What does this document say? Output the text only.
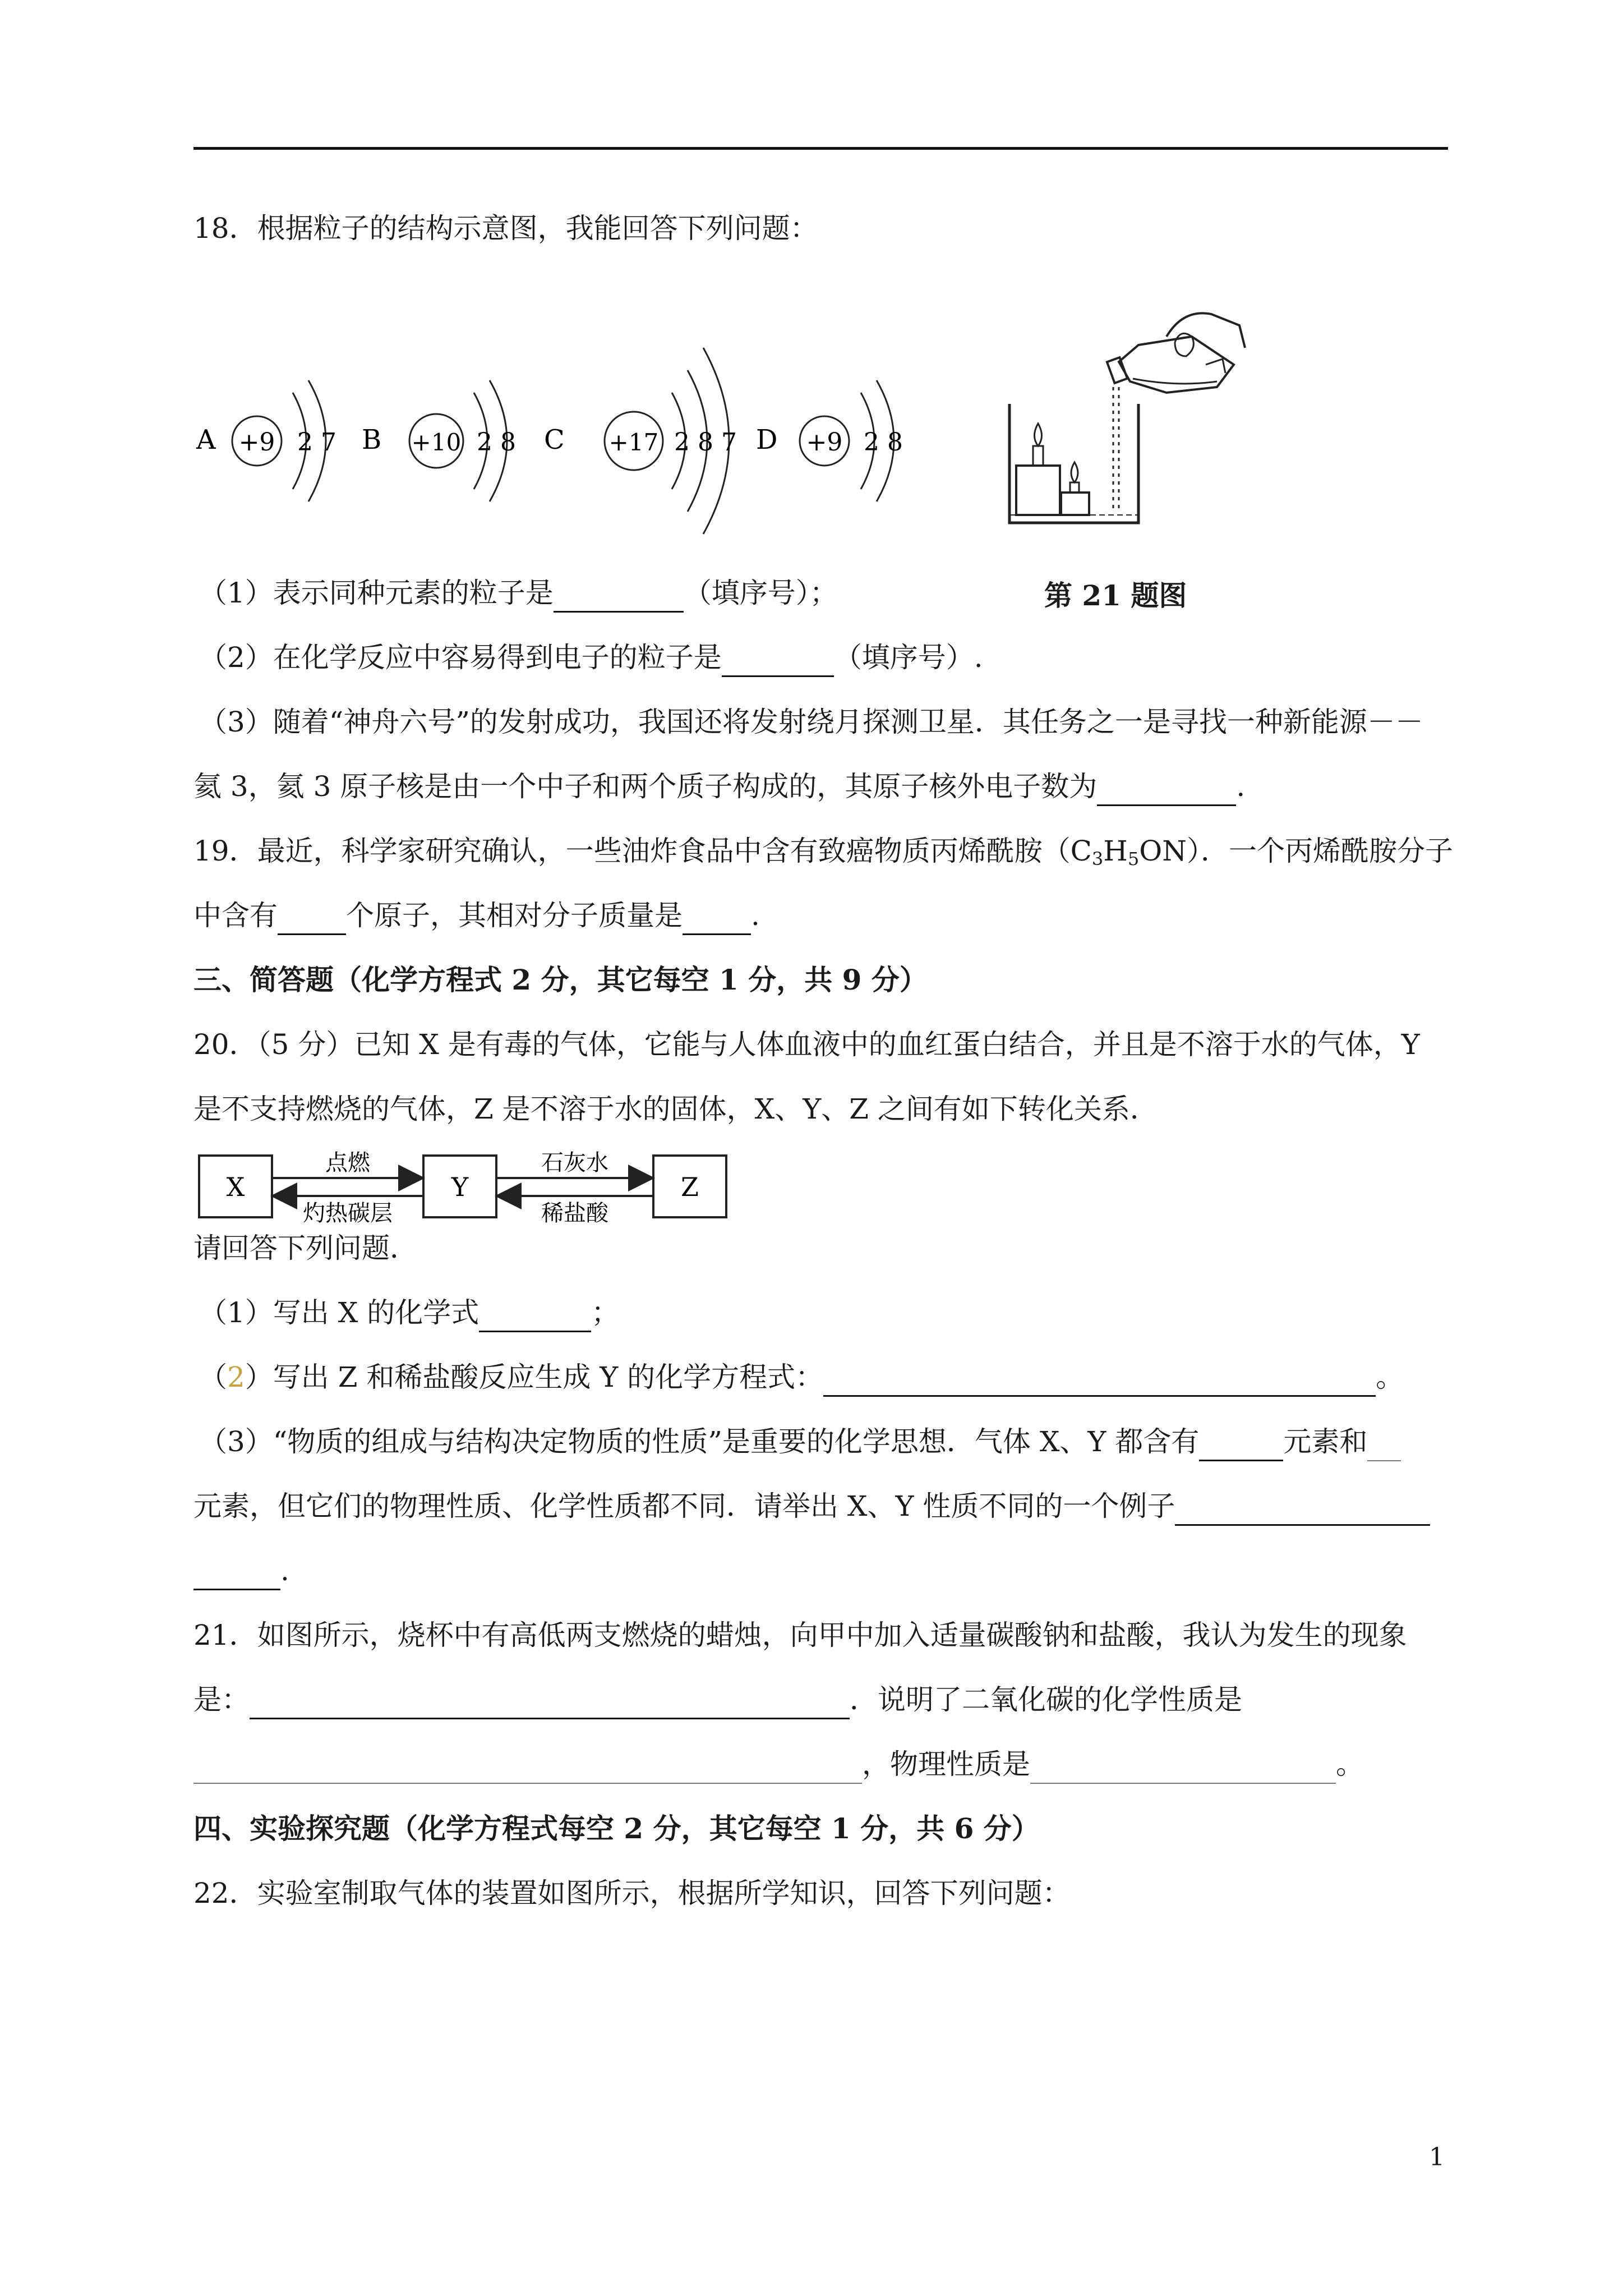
18．根据粒子的结构示意图，我能回答下列问题：
A +9 2 7 B +10 2 8 C +17 2 8 7 D +9 2 8
（1）表示同种元素的粒子是	（填序号）；	第 21 题图
（2）在化学反应中容易得到电子的粒子是	（填序号）.
（3）随着“神舟六号”的发射成功，我国还将发射绕月探测卫星．其任务之一是寻找一种新能源－－
氦 3，氦 3 原子核是由一个中子和两个质子构成的，其原子核外电子数为	.
19．最近，科学家研究确认，一些油炸食品中含有致癌物质丙烯酰胺$(C_3H_5ON)$．一个丙烯酰胺分子
中含有 个原子，其相对分子质量是 .
三、简答题（化学方程式 2 分，其它每空 1 分，共 9 分）
20．（5 分）已知 X 是有毒的气体，它能与人体血液中的血红蛋白结合，并且是不溶于水的气体，Y
是不支持燃烧的气体，Z 是不溶于水的固体，X、Y、Z 之间有如下转化关系．
X	Y	Z
点燃
灼热碳层
石灰水
稀盐酸
请回答下列问题．
（1）写出 X 的化学式	；
（2）写出 Z 和稀盐酸反应生成 Y 的化学方程式：	。
（3）“物质的组成与结构决定物质的性质”是重要的化学思想．气体 X、Y 都含有	元素和
元素，但它们的物理性质、化学性质都不同．请举出 X、Y 性质不同的一个例子
.
21．如图所示，烧杯中有高低两支燃烧的蜡烛，向甲中加入适量碳酸钠和盐酸，我认为发生的现象
是：	．说明了二氧化碳的化学性质是
，物理性质是	。
四、实验探究题（化学方程式每空 2 分，其它每空 1 分，共 6 分）
22．实验室制取气体的装置如图所示，根据所学知识，回答下列问题：
1
